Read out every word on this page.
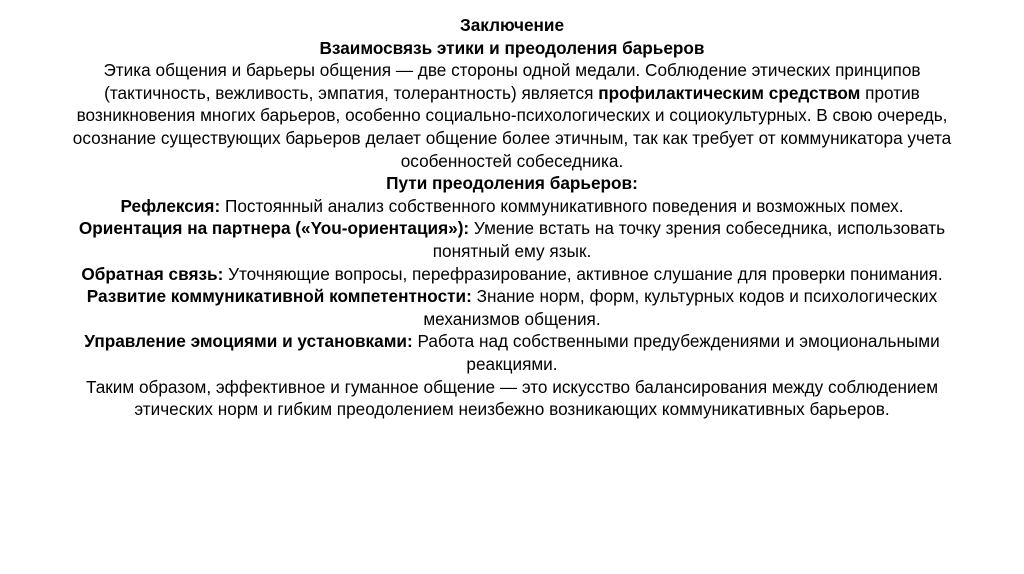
Заключение

Взаимосвязь этики и преодоления барьеров

Этика общения и барьеры общения — две стороны одной медали. Соблюдение этических принципов (тактичность, вежливость, эмпатия, толерантность) является профилактическим средством против возникновения многих барьеров, особенно социально-психологических и социокультурных. В свою очередь, осознание существующих барьеров делает общение более этичным, так как требует от коммуникатора учета особенностей собеседника.

Пути преодоления барьеров:

Рефлексия: Постоянный анализ собственного коммуникативного поведения и возможных помех.

Ориентация на партнера («You-ориентация»): Умение встать на точку зрения собеседника, использовать понятный ему язык.

Обратная связь: Уточняющие вопросы, перефразирование, активное слушание для проверки понимания.

Развитие коммуникативной компетентности: Знание норм, форм, культурных кодов и психологических механизмов общения.

Управление эмоциями и установками: Работа над собственными предубеждениями и эмоциональными реакциями.

Таким образом, эффективное и гуманное общение — это искусство балансирования между соблюдением этических норм и гибким преодолением неизбежно возникающих коммуникативных барьеров.
